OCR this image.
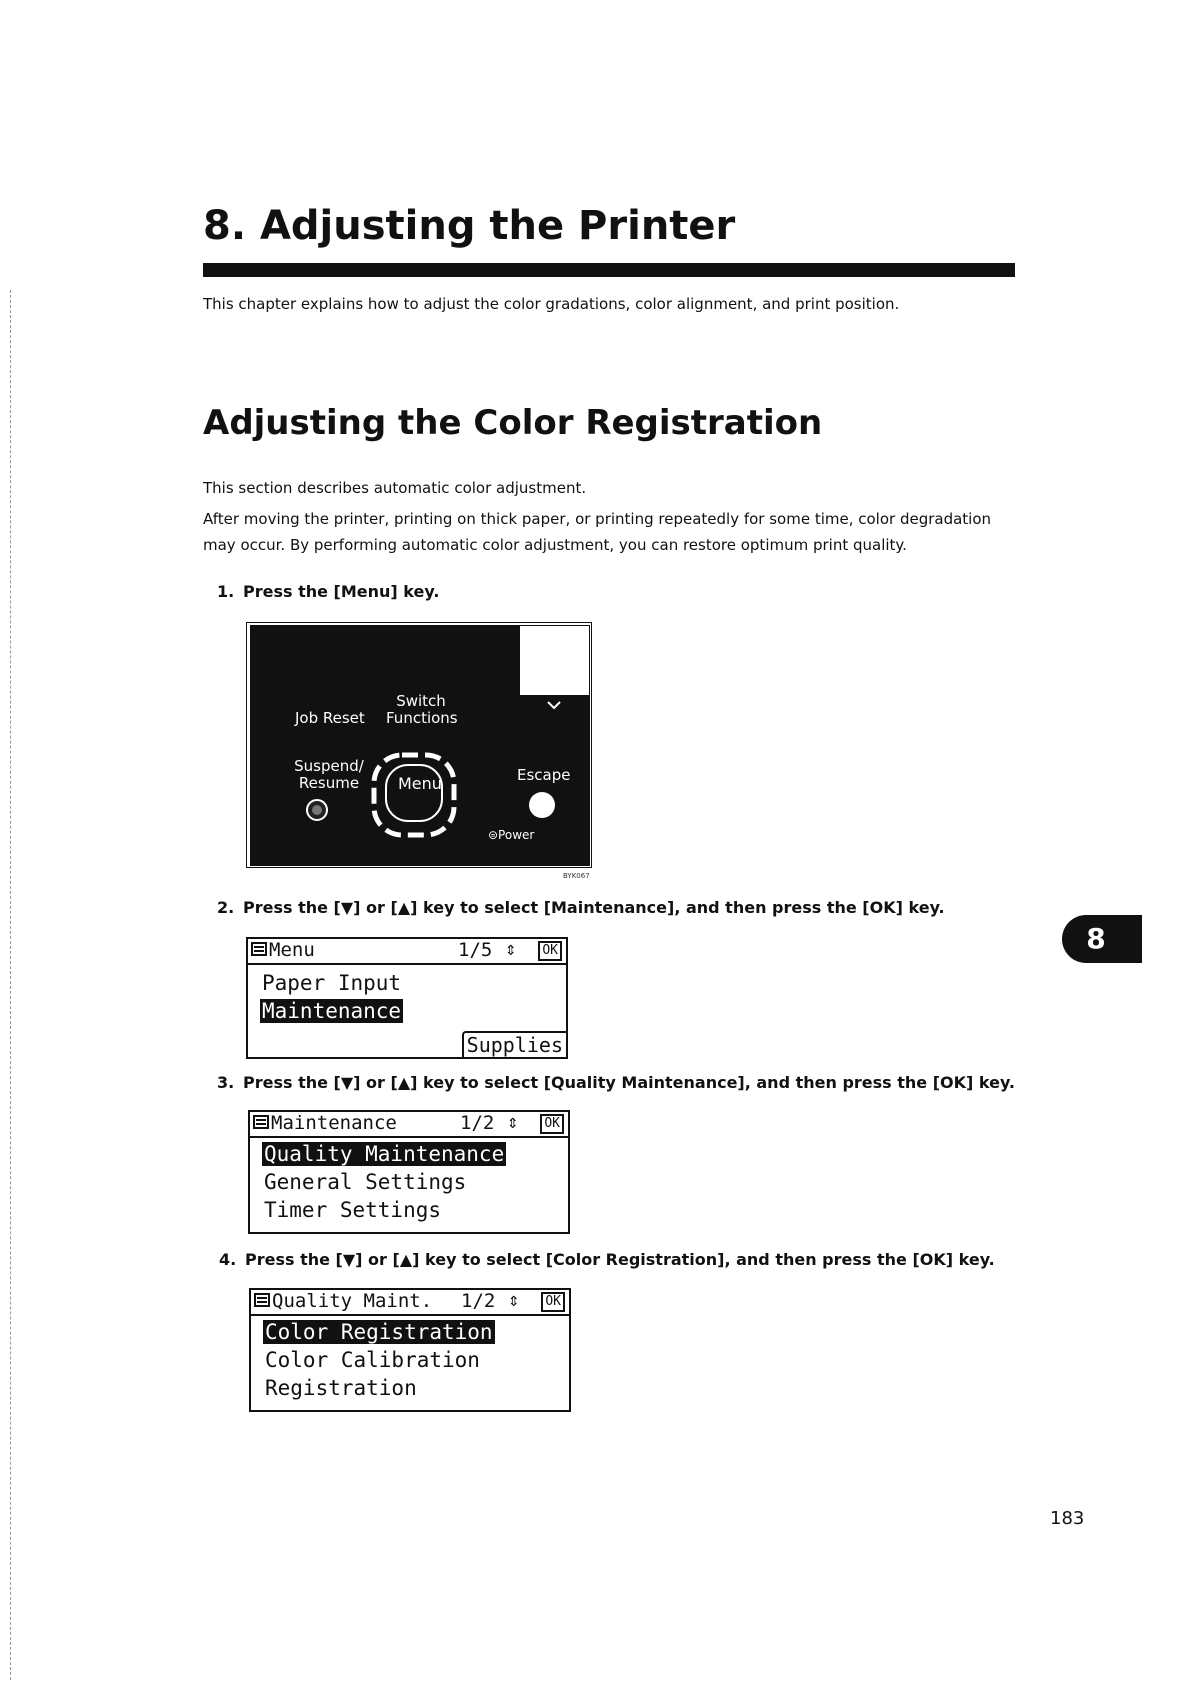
8. Adjusting the Printer
This chapter explains how to adjust the color gradations, color alignment, and print position.
Adjusting the Color Registration
This section describes automatic color adjustment.
After moving the printer, printing on thick paper, or printing repeatedly for some time, color degradation
may occur. By performing automatic color adjustment, you can restore optimum print quality.
1. Press the [Menu] key.
Switch
Functions
Job Reset
Suspend/
Resume	Menu	Escape
⊜Power
BYK067
2. Press the [▼] or [▲] key to select [Maintenance], and then press the [OK] key.
Menu	1/5 ⇕	OK
Paper Input
Maintenance
Supplies
3. Press the [▼] or [▲] key to select [Quality Maintenance], and then press the [OK] key.
Maintenance	1/2 ⇕	OK
Quality Maintenance
General Settings
Timer Settings
4. Press the [▼] or [▲] key to select [Color Registration], and then press the [OK] key.
Quality Maint. 1/2 ⇕	OK
Color Registration
Color Calibration
Registration
8
183
